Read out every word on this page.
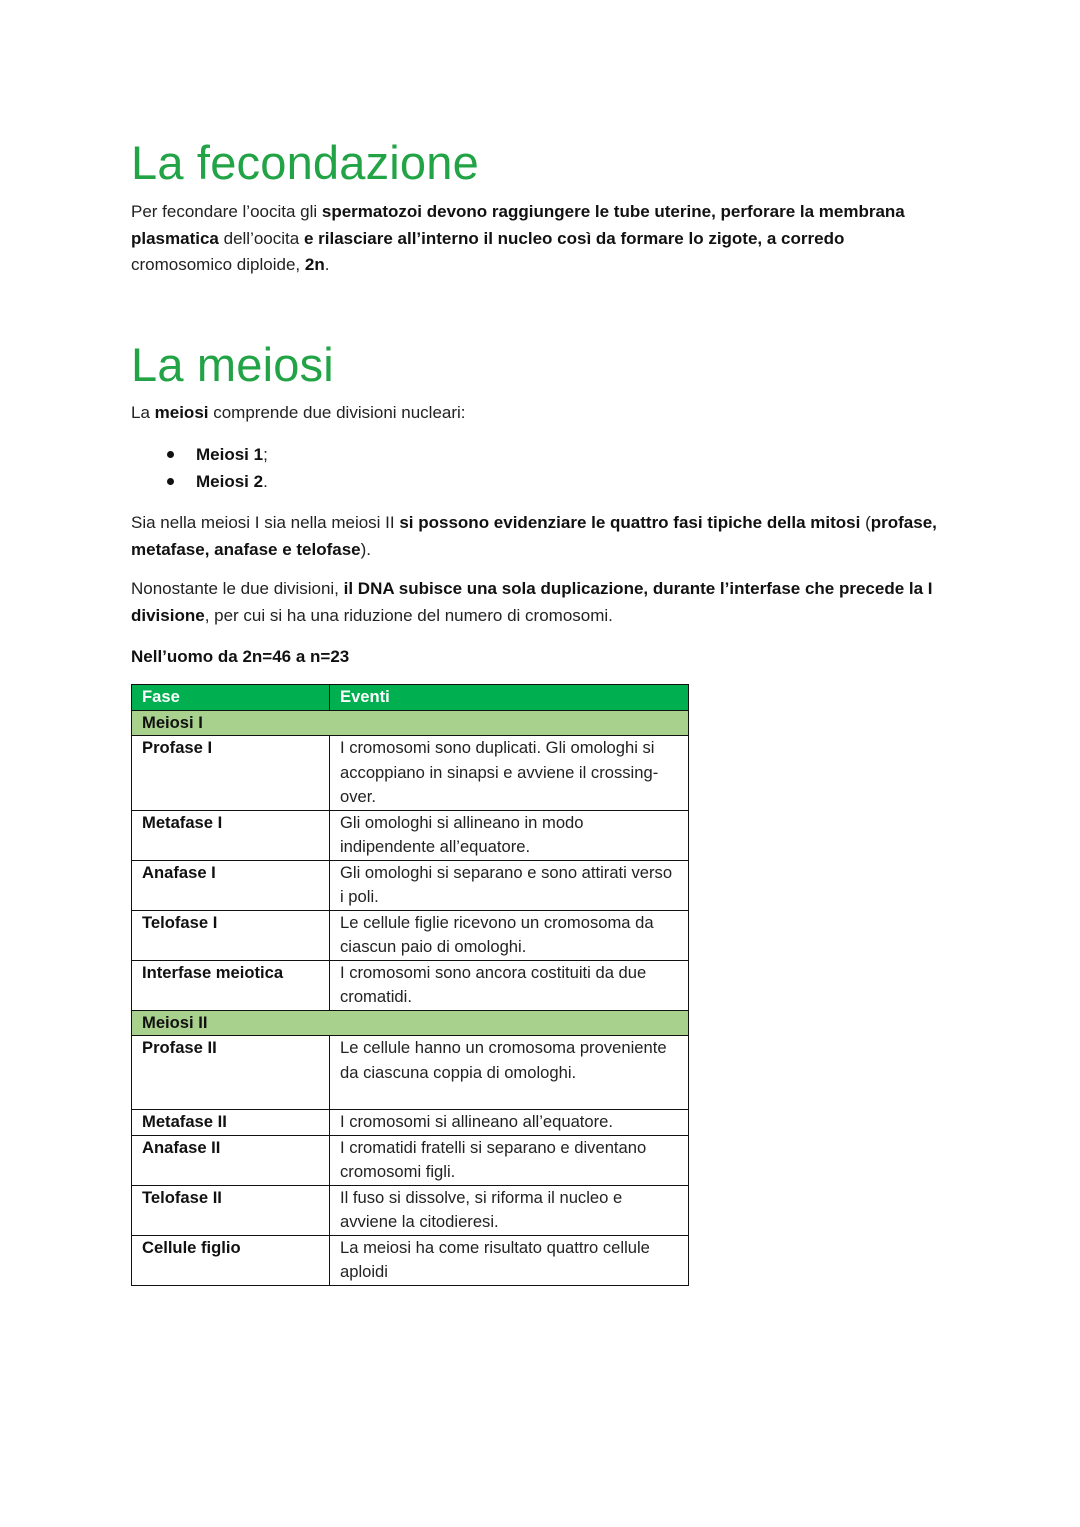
La fecondazione

Per fecondare l’oocita gli spermatozoi devono raggiungere le tube uterine, perforare la membrana plasmatica dell’oocita e rilasciare all’interno il nucleo così da formare lo zigote, a corredo cromosomico diploide, 2n.

La meiosi

La meiosi comprende due divisioni nucleari:

Meiosi 1;
Meiosi 2.

Sia nella meiosi I sia nella meiosi II si possono evidenziare le quattro fasi tipiche della mitosi (profase, metafase, anafase e telofase).

Nonostante le due divisioni, il DNA subisce una sola duplicazione, durante l’interfase che precede la I divisione, per cui si ha una riduzione del numero di cromosomi.

Nell’uomo da 2n=46 a n=23

Fase	Eventi
Meiosi I	
Profase I	I cromosomi sono duplicati. Gli omologhi si accoppiano in sinapsi e avviene il crossing-over.
Metafase I	Gli omologhi si allineano in modo indipendente all’equatore.
Anafase I	Gli omologhi si separano e sono attirati verso i poli.
Telofase I	Le cellule figlie ricevono un cromosoma da ciascun paio di omologhi.
Interfase meiotica	I cromosomi sono ancora costituiti da due cromatidi.
Meiosi II	
Profase II	Le cellule hanno un cromosoma proveniente da ciascuna coppia di omologhi.
Metafase II	I cromosomi si allineano all’equatore.
Anafase II	I cromatidi fratelli si separano e diventano cromosomi figli.
Telofase II	Il fuso si dissolve, si riforma il nucleo e avviene la citodieresi.
Cellule figlio	La meiosi ha come risultato quattro cellule aploidi
